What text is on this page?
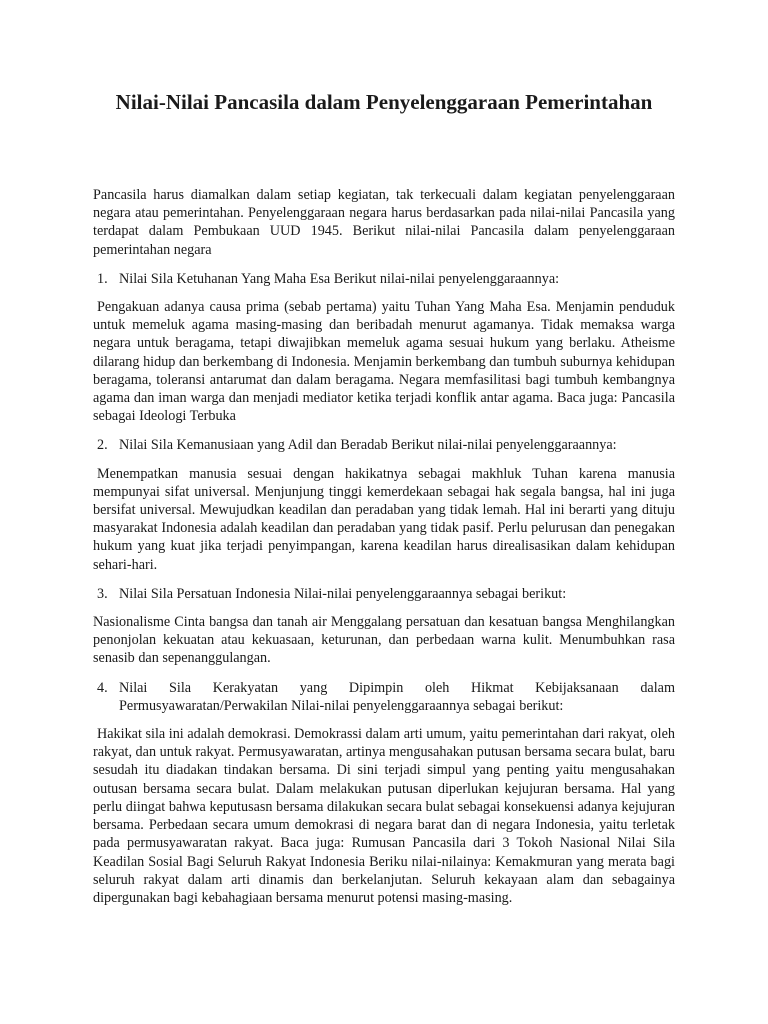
Nilai-Nilai Pancasila dalam Penyelenggaraan Pemerintahan

Pancasila harus diamalkan dalam setiap kegiatan, tak terkecuali dalam kegiatan penyelenggaraan negara atau pemerintahan. Penyelenggaraan negara harus berdasarkan pada nilai-nilai Pancasila yang terdapat dalam Pembukaan UUD 1945. Berikut nilai-nilai Pancasila dalam penyelenggaraan pemerintahan negara

1. Nilai Sila Ketuhanan Yang Maha Esa Berikut nilai-nilai penyelenggaraannya:

Pengakuan adanya causa prima (sebab pertama) yaitu Tuhan Yang Maha Esa. Menjamin penduduk untuk memeluk agama masing-masing dan beribadah menurut agamanya. Tidak memaksa warga negara untuk beragama, tetapi diwajibkan memeluk agama sesuai hukum yang berlaku. Atheisme dilarang hidup dan berkembang di Indonesia. Menjamin berkembang dan tumbuh suburnya kehidupan beragama, toleransi antarumat dan dalam beragama. Negara memfasilitasi bagi tumbuh kembangnya agama dan iman warga dan menjadi mediator ketika terjadi konflik antar agama. Baca juga: Pancasila sebagai Ideologi Terbuka

2. Nilai Sila Kemanusiaan yang Adil dan Beradab Berikut nilai-nilai penyelenggaraannya:

Menempatkan manusia sesuai dengan hakikatnya sebagai makhluk Tuhan karena manusia mempunyai sifat universal. Menjunjung tinggi kemerdekaan sebagai hak segala bangsa, hal ini juga bersifat universal. Mewujudkan keadilan dan peradaban yang tidak lemah. Hal ini berarti yang dituju masyarakat Indonesia adalah keadilan dan peradaban yang tidak pasif. Perlu pelurusan dan penegakan hukum yang kuat jika terjadi penyimpangan, karena keadilan harus direalisasikan dalam kehidupan sehari-hari.

3. Nilai Sila Persatuan Indonesia Nilai-nilai penyelenggaraannya sebagai berikut:

Nasionalisme Cinta bangsa dan tanah air Menggalang persatuan dan kesatuan bangsa Menghilangkan penonjolan kekuatan atau kekuasaan, keturunan, dan perbedaan warna kulit. Menumbuhkan rasa senasib dan sepenanggulangan.

4. Nilai Sila Kerakyatan yang Dipimpin oleh Hikmat Kebijaksanaan dalam Permusyawaratan/Perwakilan Nilai-nilai penyelenggaraannya sebagai berikut:

Hakikat sila ini adalah demokrasi. Demokrassi dalam arti umum, yaitu pemerintahan dari rakyat, oleh rakyat, dan untuk rakyat. Permusyawaratan, artinya mengusahakan putusan bersama secara bulat, baru sesudah itu diadakan tindakan bersama. Di sini terjadi simpul yang penting yaitu mengusahakan outusan bersama secara bulat. Dalam melakukan putusan diperlukan kejujuran bersama. Hal yang perlu diingat bahwa keputusasn bersama dilakukan secara bulat sebagai konsekuensi adanya kejujuran bersama. Perbedaan secara umum demokrasi di negara barat dan di negara Indonesia, yaitu terletak pada permusyawaratan rakyat. Baca juga: Rumusan Pancasila dari 3 Tokoh Nasional Nilai Sila Keadilan Sosial Bagi Seluruh Rakyat Indonesia Beriku nilai-nilainya: Kemakmuran yang merata bagi seluruh rakyat dalam arti dinamis dan berkelanjutan. Seluruh kekayaan alam dan sebagainya dipergunakan bagi kebahagiaan bersama menurut potensi masing-masing.
